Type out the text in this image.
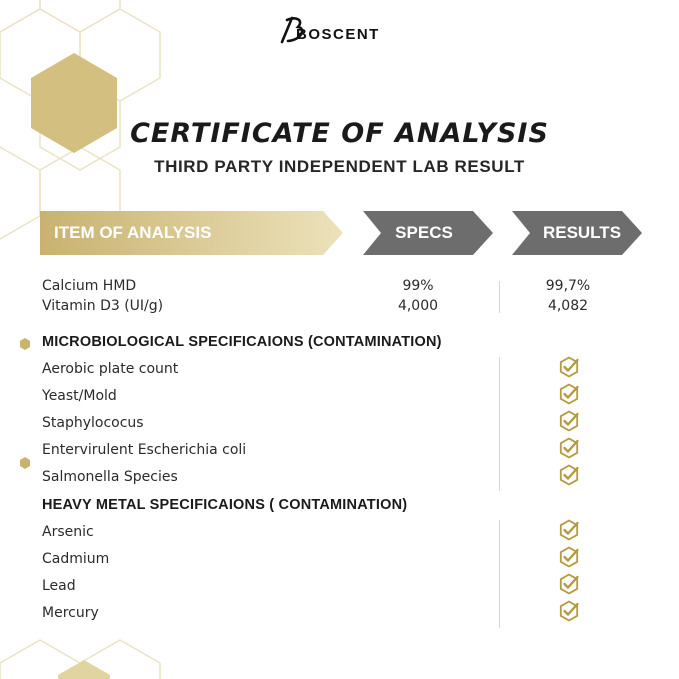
BOSCENT
CERTIFICATE OF ANALYSIS
THIRD PARTY INDEPENDENT LAB RESULT
ITEM OF ANALYSIS	SPECS	RESULTS
Calcium HMD	99%	99,7%
Vitamin D3 (UI/g)	4,000	4,082
MICROBIOLOGICAL SPECIFICAIONS (CONTAMINATION)
Aerobic plate count
Yeast/Mold
Staphylococus
Entervirulent Escherichia coli
Salmonella Species
HEAVY METAL SPECIFICAIONS ( CONTAMINATION)
Arsenic
Cadmium
Lead
Mercury
